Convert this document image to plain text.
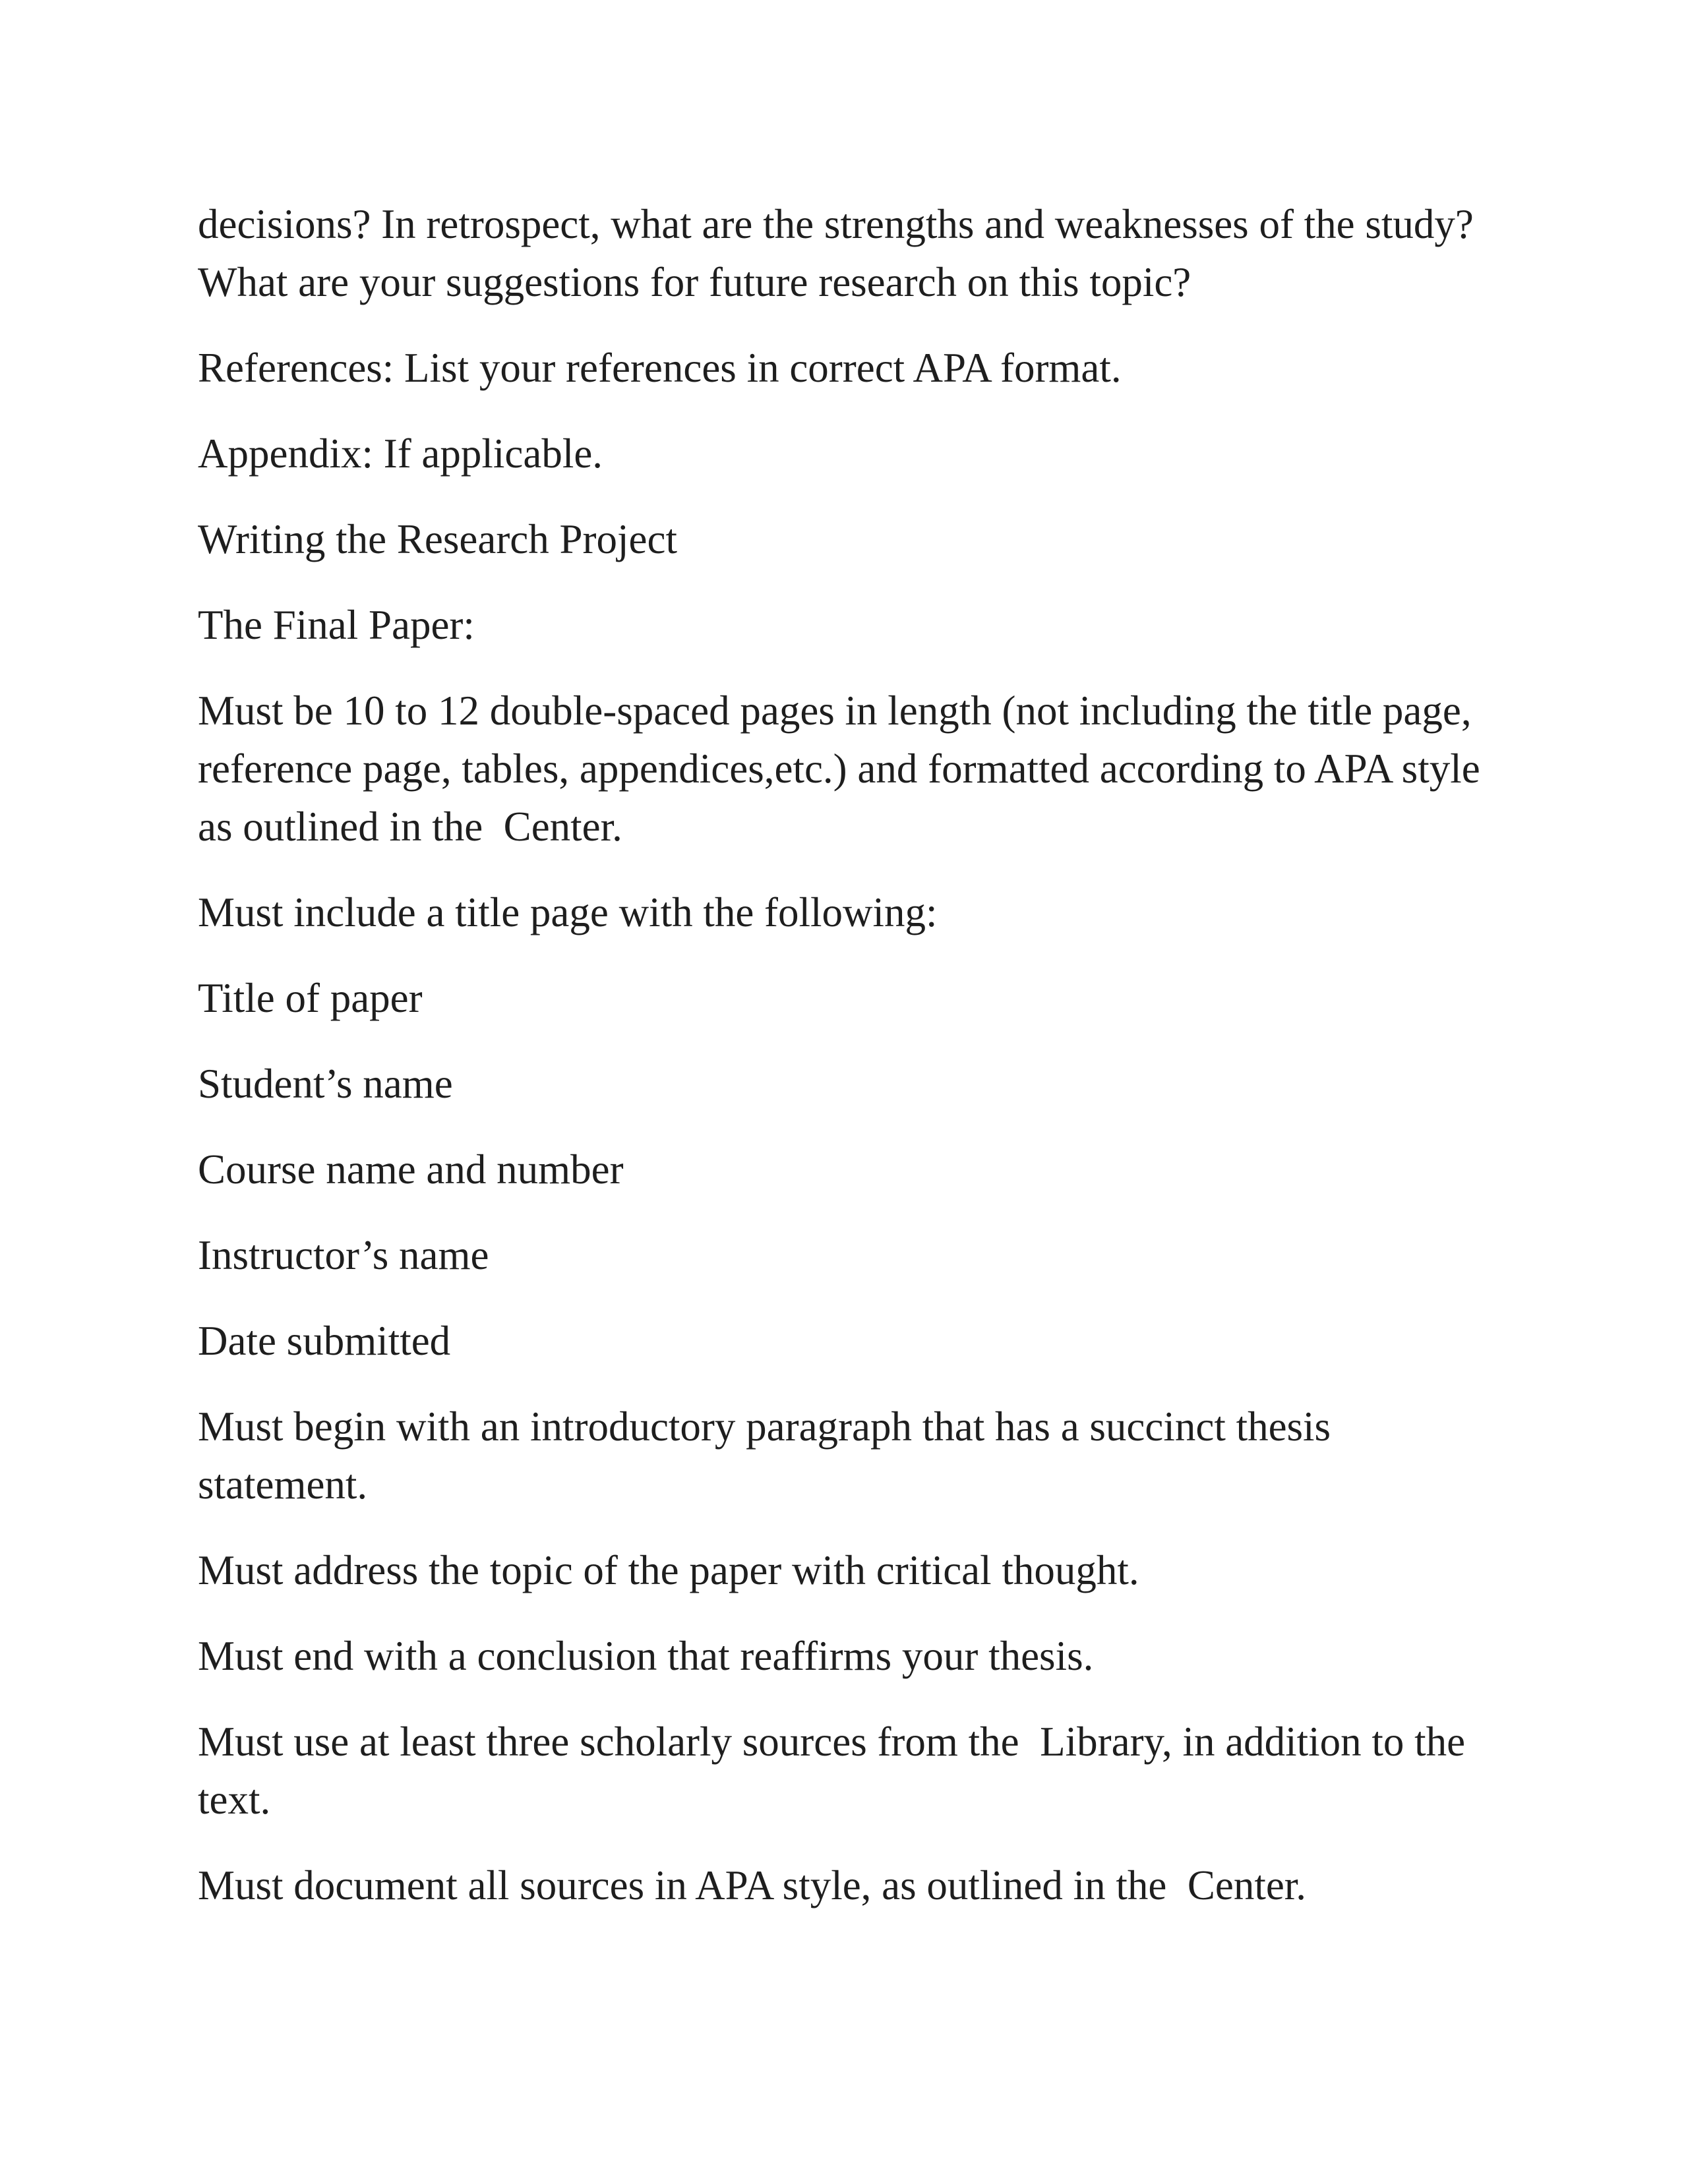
decisions? In retrospect, what are the strengths and weaknesses of the study? What are your suggestions for future research on this topic?

References: List your references in correct APA format.

Appendix: If applicable.

Writing the Research Project

The Final Paper:

Must be 10 to 12 double-spaced pages in length (not including the title page, reference page, tables, appendices,etc.) and formatted according to APA style as outlined in the  Center.

Must include a title page with the following:

Title of paper

Student’s name

Course name and number

Instructor’s name

Date submitted

Must begin with an introductory paragraph that has a succinct thesis statement.

Must address the topic of the paper with critical thought.

Must end with a conclusion that reaffirms your thesis.

Must use at least three scholarly sources from the  Library, in addition to the text.

Must document all sources in APA style, as outlined in the  Center.
